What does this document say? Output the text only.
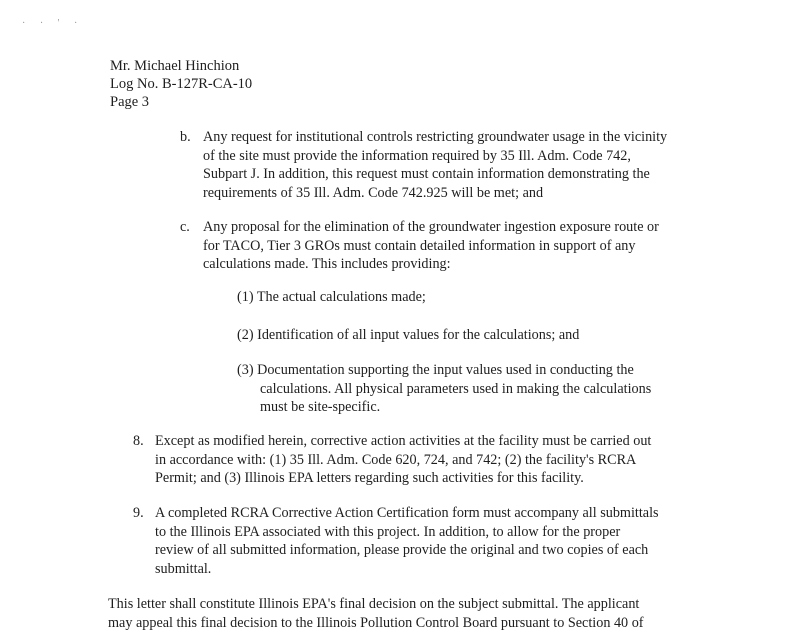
· · ' ·
Mr. Michael Hinchion
Log No. B-127R-CA-10
Page 3
b. Any request for institutional controls restricting groundwater usage in the vicinity
of the site must provide the information required by 35 Ill. Adm. Code 742,
Subpart J. In addition, this request must contain information demonstrating the
requirements of 35 Ill. Adm. Code 742.925 will be met; and
c. Any proposal for the elimination of the groundwater ingestion exposure route or
for TACO, Tier 3 GROs must contain detailed information in support of any
calculations made. This includes providing:
(1) The actual calculations made;
(2) Identification of all input values for the calculations; and
(3) Documentation supporting the input values used in conducting the
calculations. All physical parameters used in making the calculations
must be site-specific.
8. Except as modified herein, corrective action activities at the facility must be carried out
in accordance with: (1) 35 Ill. Adm. Code 620, 724, and 742; (2) the facility's RCRA
Permit; and (3) Illinois EPA letters regarding such activities for this facility.
9. A completed RCRA Corrective Action Certification form must accompany all submittals
to the Illinois EPA associated with this project. In addition, to allow for the proper
review of all submitted information, please provide the original and two copies of each
submittal.
This letter shall constitute Illinois EPA's final decision on the subject submittal. The applicant
may appeal this final decision to the Illinois Pollution Control Board pursuant to Section 40 of
